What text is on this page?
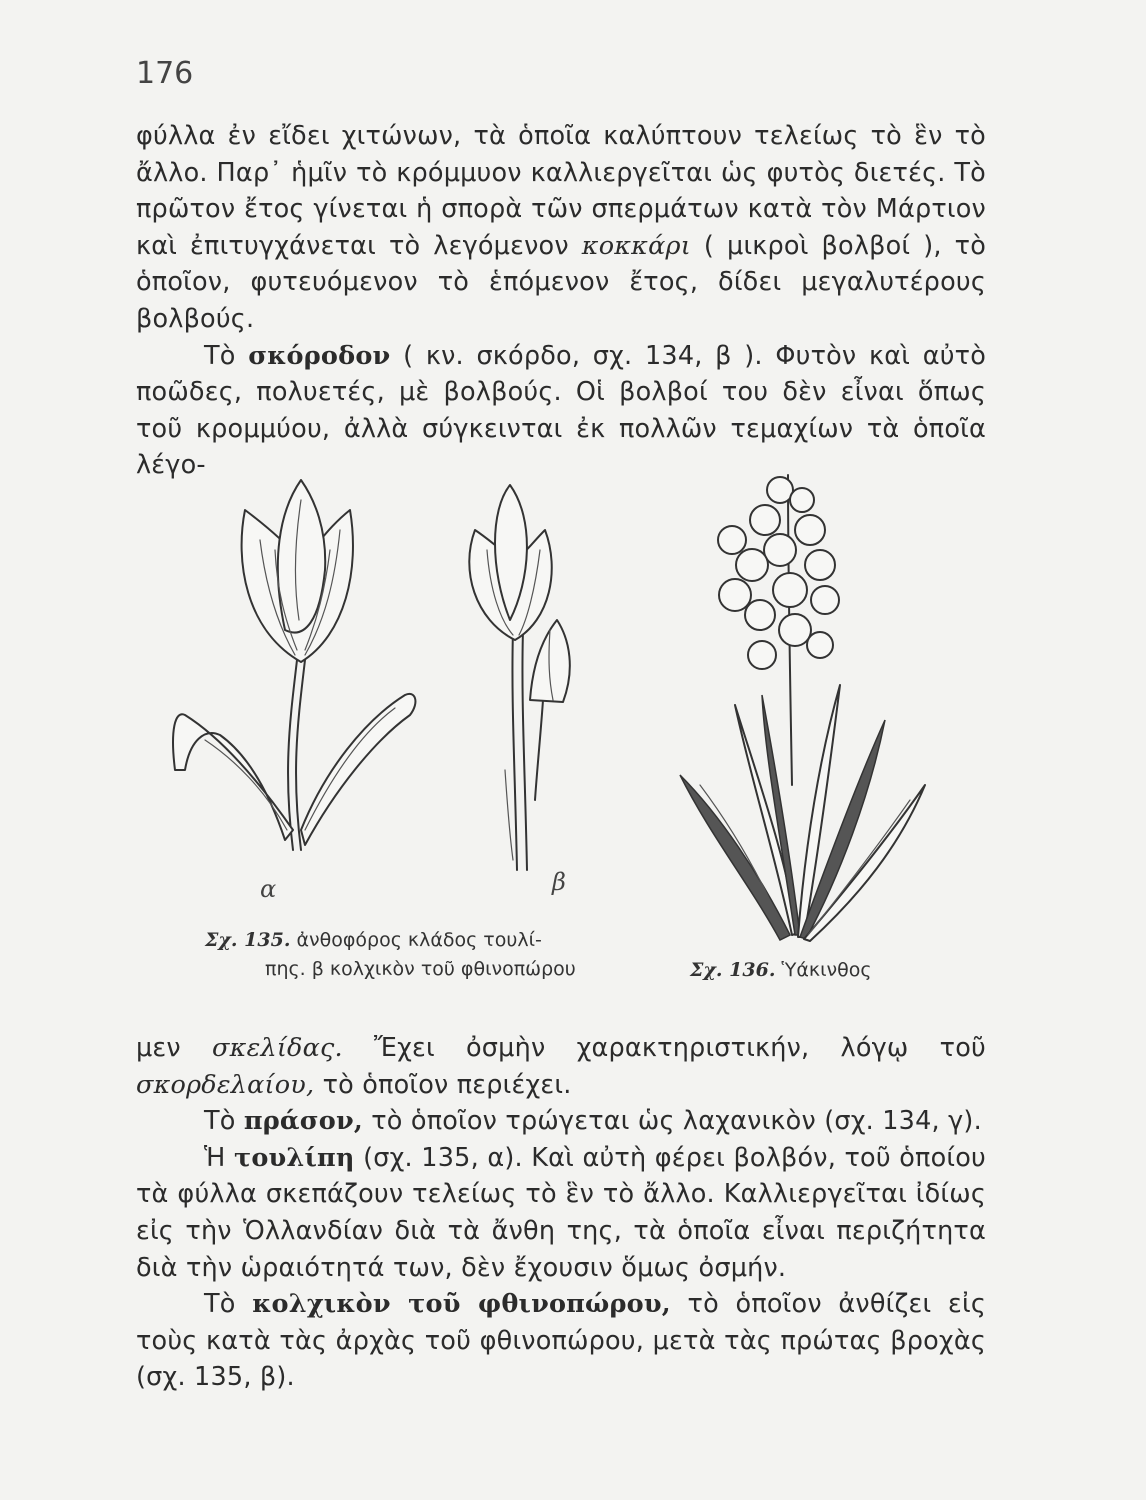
176

φύλλα ἐν εἴδει χιτώνων, τὰ ὁποῖα καλύπτουν τελείως τὸ ἓν τὸ ἄλλο. Παρ᾽ ἡμῖν τὸ κρόμμυον καλλιεργεῖται ὡς φυτὸς διετές. Τὸ πρῶτον ἔτος γίνεται ἡ σπορὰ τῶν σπερμάτων κατὰ τὸν Μάρτιον καὶ ἐπιτυγχάνεται τὸ λεγόμενον κοκκάρι ( μικροὶ βολβοί ), τὸ ὁποῖον, φυτευόμενον τὸ ἑπόμενον ἔτος, δίδει μεγαλυτέρους βολβούς.

Τὸ σκόροδον ( κν. σκόρδο, σχ. 134, β ). Φυτὸν καὶ αὐτὸ ποῶδες, πολυετές, μὲ βολβούς. Οἱ βολβοί του δὲν εἶναι ὅπως τοῦ κρομμύου, ἀλλὰ σύγκεινται ἐκ πολλῶν τεμαχίων τὰ ὁποῖα λέγο-

α	β
Σχ. 135. ἀνθοφόρος κλάδος τουλί-
πης. β κολχικὸν τοῦ φθινοπώρου	Σχ. 136. Ὑάκινθος

μεν σκελίδας. Ἔχει ὀσμὴν χαρακτηριστικήν, λόγῳ τοῦ σκορδελαίου, τὸ ὁποῖον περιέχει.

Τὸ πράσον, τὸ ὁποῖον τρώγεται ὡς λαχανικὸν (σχ. 134, γ).

Ἡ τουλίπη (σχ. 135, α). Καὶ αὐτὴ φέρει βολβόν, τοῦ ὁποίου τὰ φύλλα σκεπάζουν τελείως τὸ ἓν τὸ ἄλλο. Καλλιεργεῖται ἰδίως εἰς τὴν Ὁλλανδίαν διὰ τὰ ἄνθη της, τὰ ὁποῖα εἶναι περιζήτητα διὰ τὴν ὡραιότητά των, δὲν ἔχουσιν ὅμως ὀσμήν.

Τὸ κολχικὸν τοῦ φθινοπώρου, τὸ ὁποῖον ἀνθίζει εἰς τοὺς κατὰ τὰς ἀρχὰς τοῦ φθινοπώρου, μετὰ τὰς πρώτας βροχὰς (σχ. 135, β).
